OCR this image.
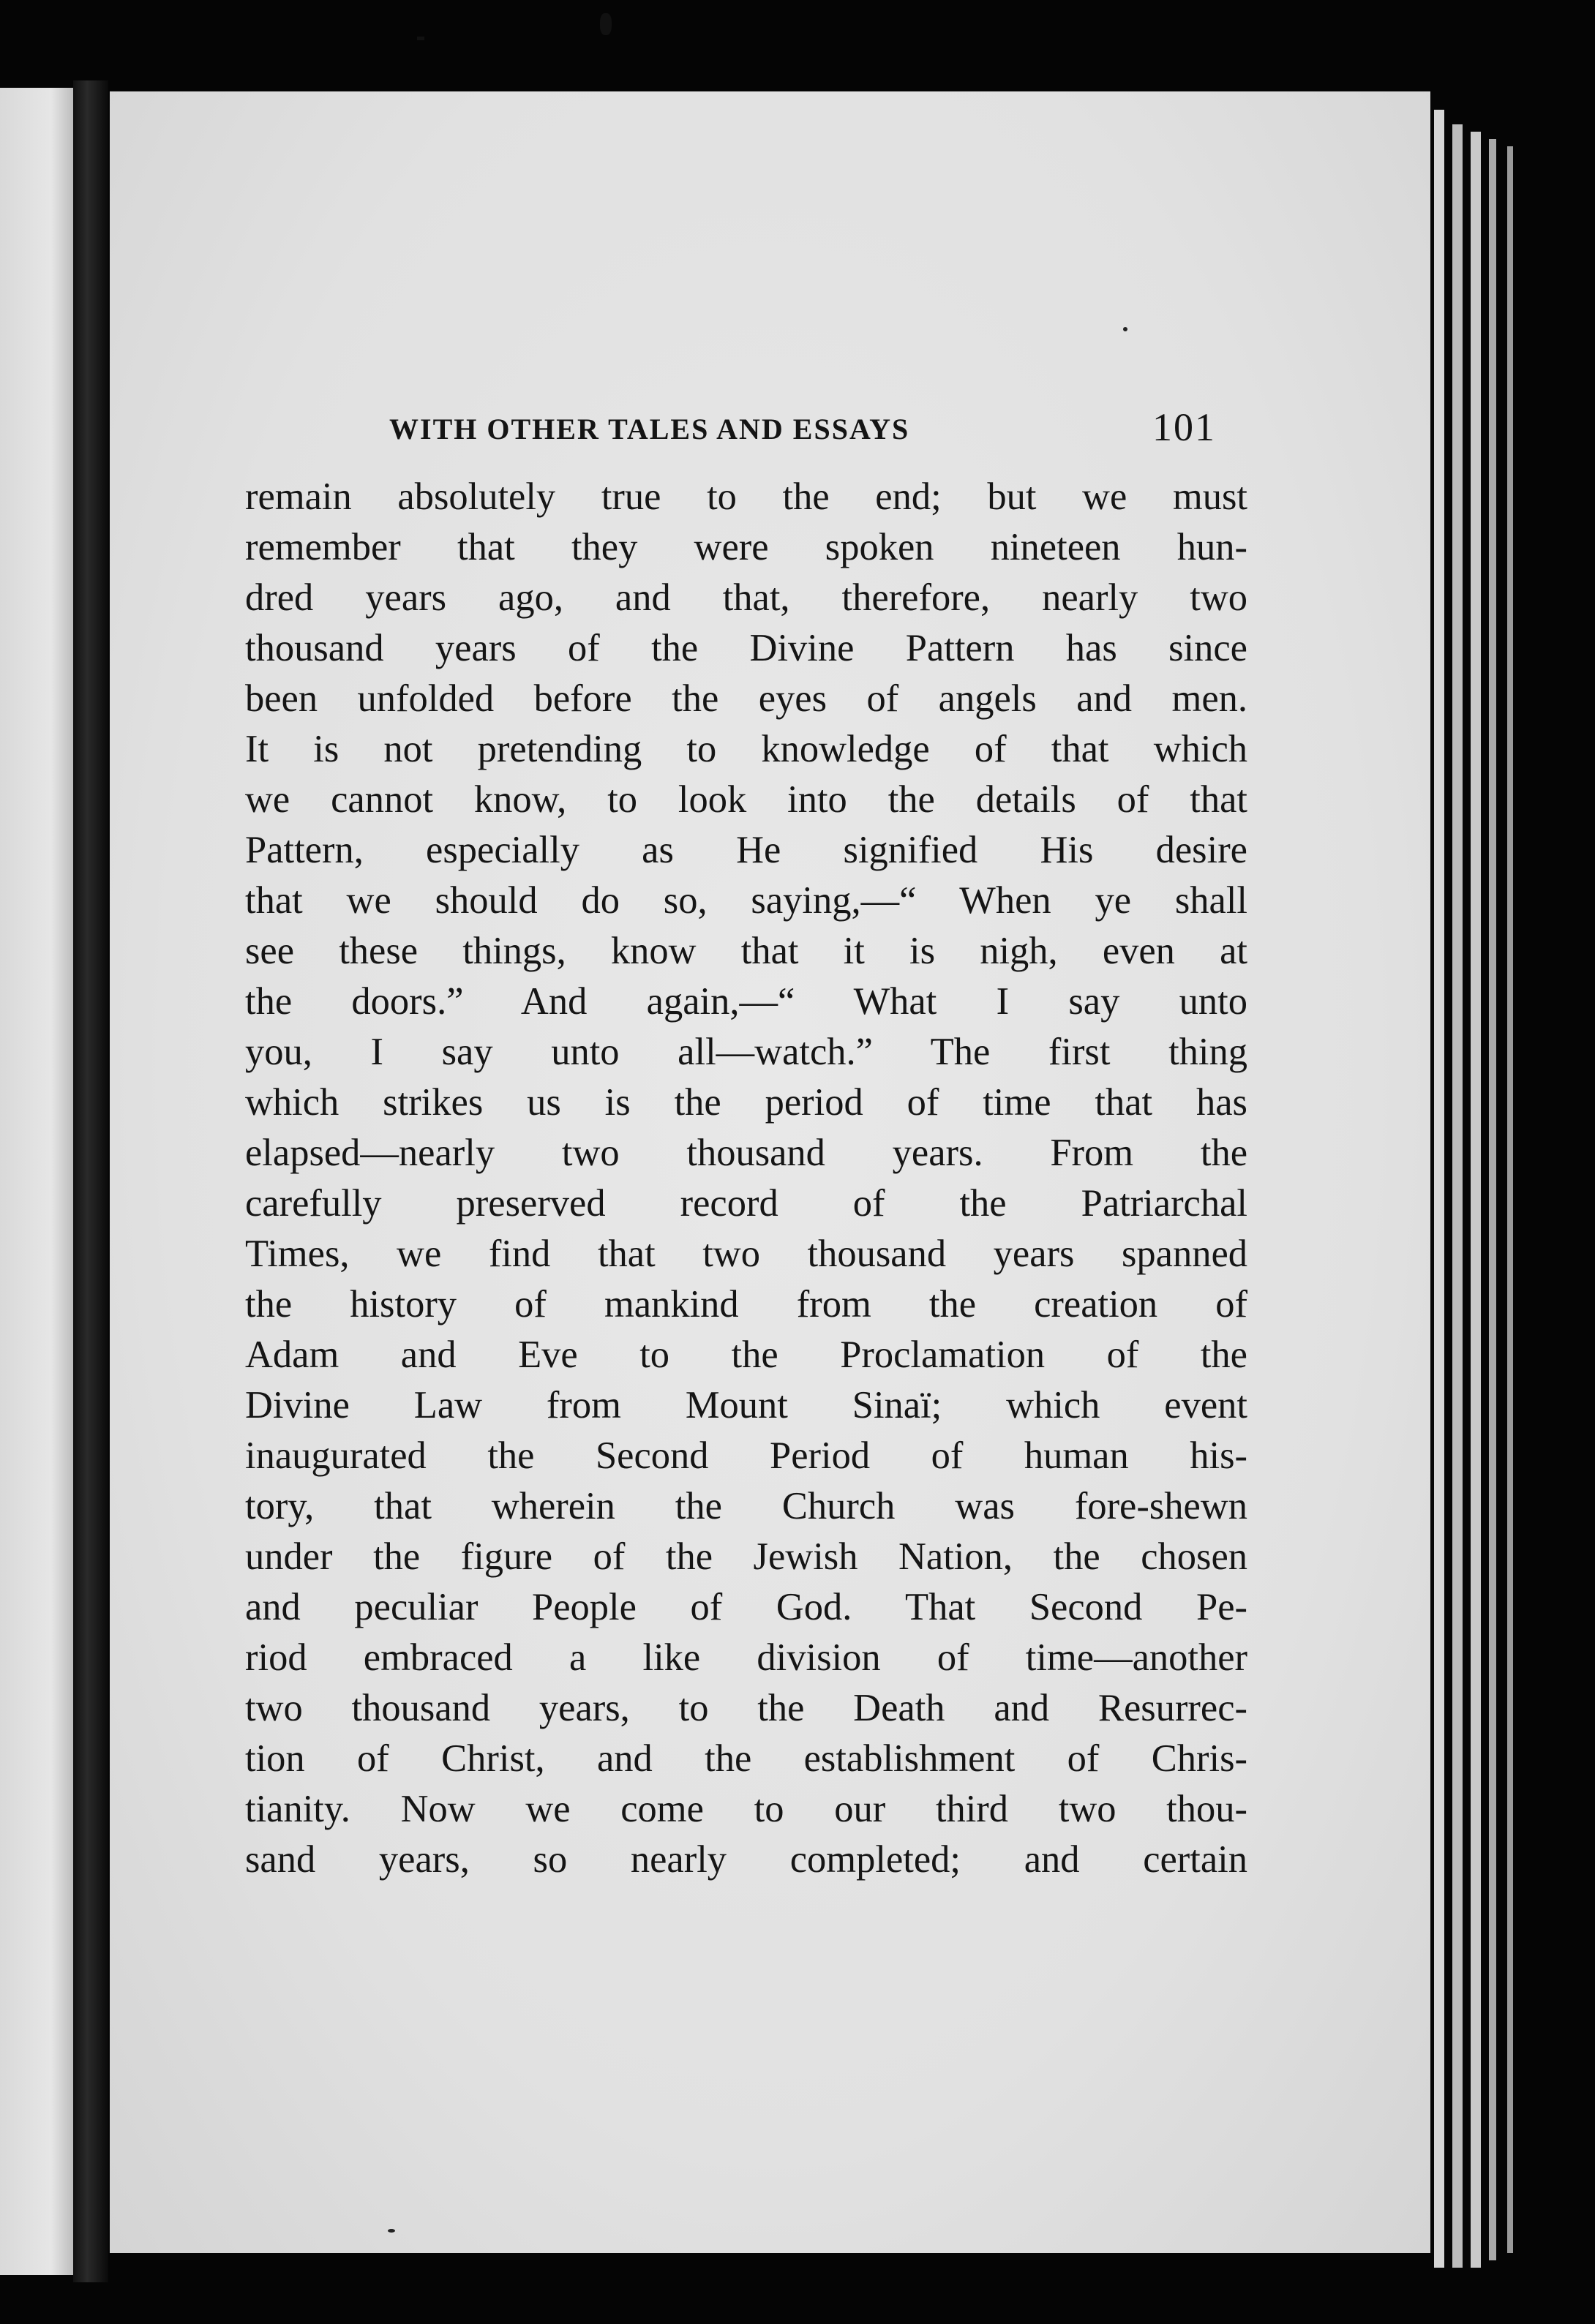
WITH OTHER TALES AND ESSAYS	101
remain absolutely true to the end; but we must
remember that they were spoken nineteen hun-
dred years ago, and that, therefore, nearly two
thousand years of the Divine Pattern has since
been unfolded before the eyes of angels and men.
It is not pretending to knowledge of that which
we cannot know, to look into the details of that
Pattern, especially as He signified His desire
that we should do so, saying,—“ When ye shall
see these things, know that it is nigh, even at
the doors.” And again,—“ What I say unto
you, I say unto all—watch.” The first thing
which strikes us is the period of time that has
elapsed—nearly two thousand years. From the
carefully preserved record of the Patriarchal
Times, we find that two thousand years spanned
the history of mankind from the creation of
Adam and Eve to the Proclamation of the
Divine Law from Mount Sinaï; which event
inaugurated the Second Period of human his-
tory, that wherein the Church was fore-shewn
under the figure of the Jewish Nation, the chosen
and peculiar People of God. That Second Pe-
riod embraced a like division of time—another
two thousand years, to the Death and Resurrec-
tion of Christ, and the establishment of Chris-
tianity. Now we come to our third two thou-
sand years, so nearly completed; and certain
